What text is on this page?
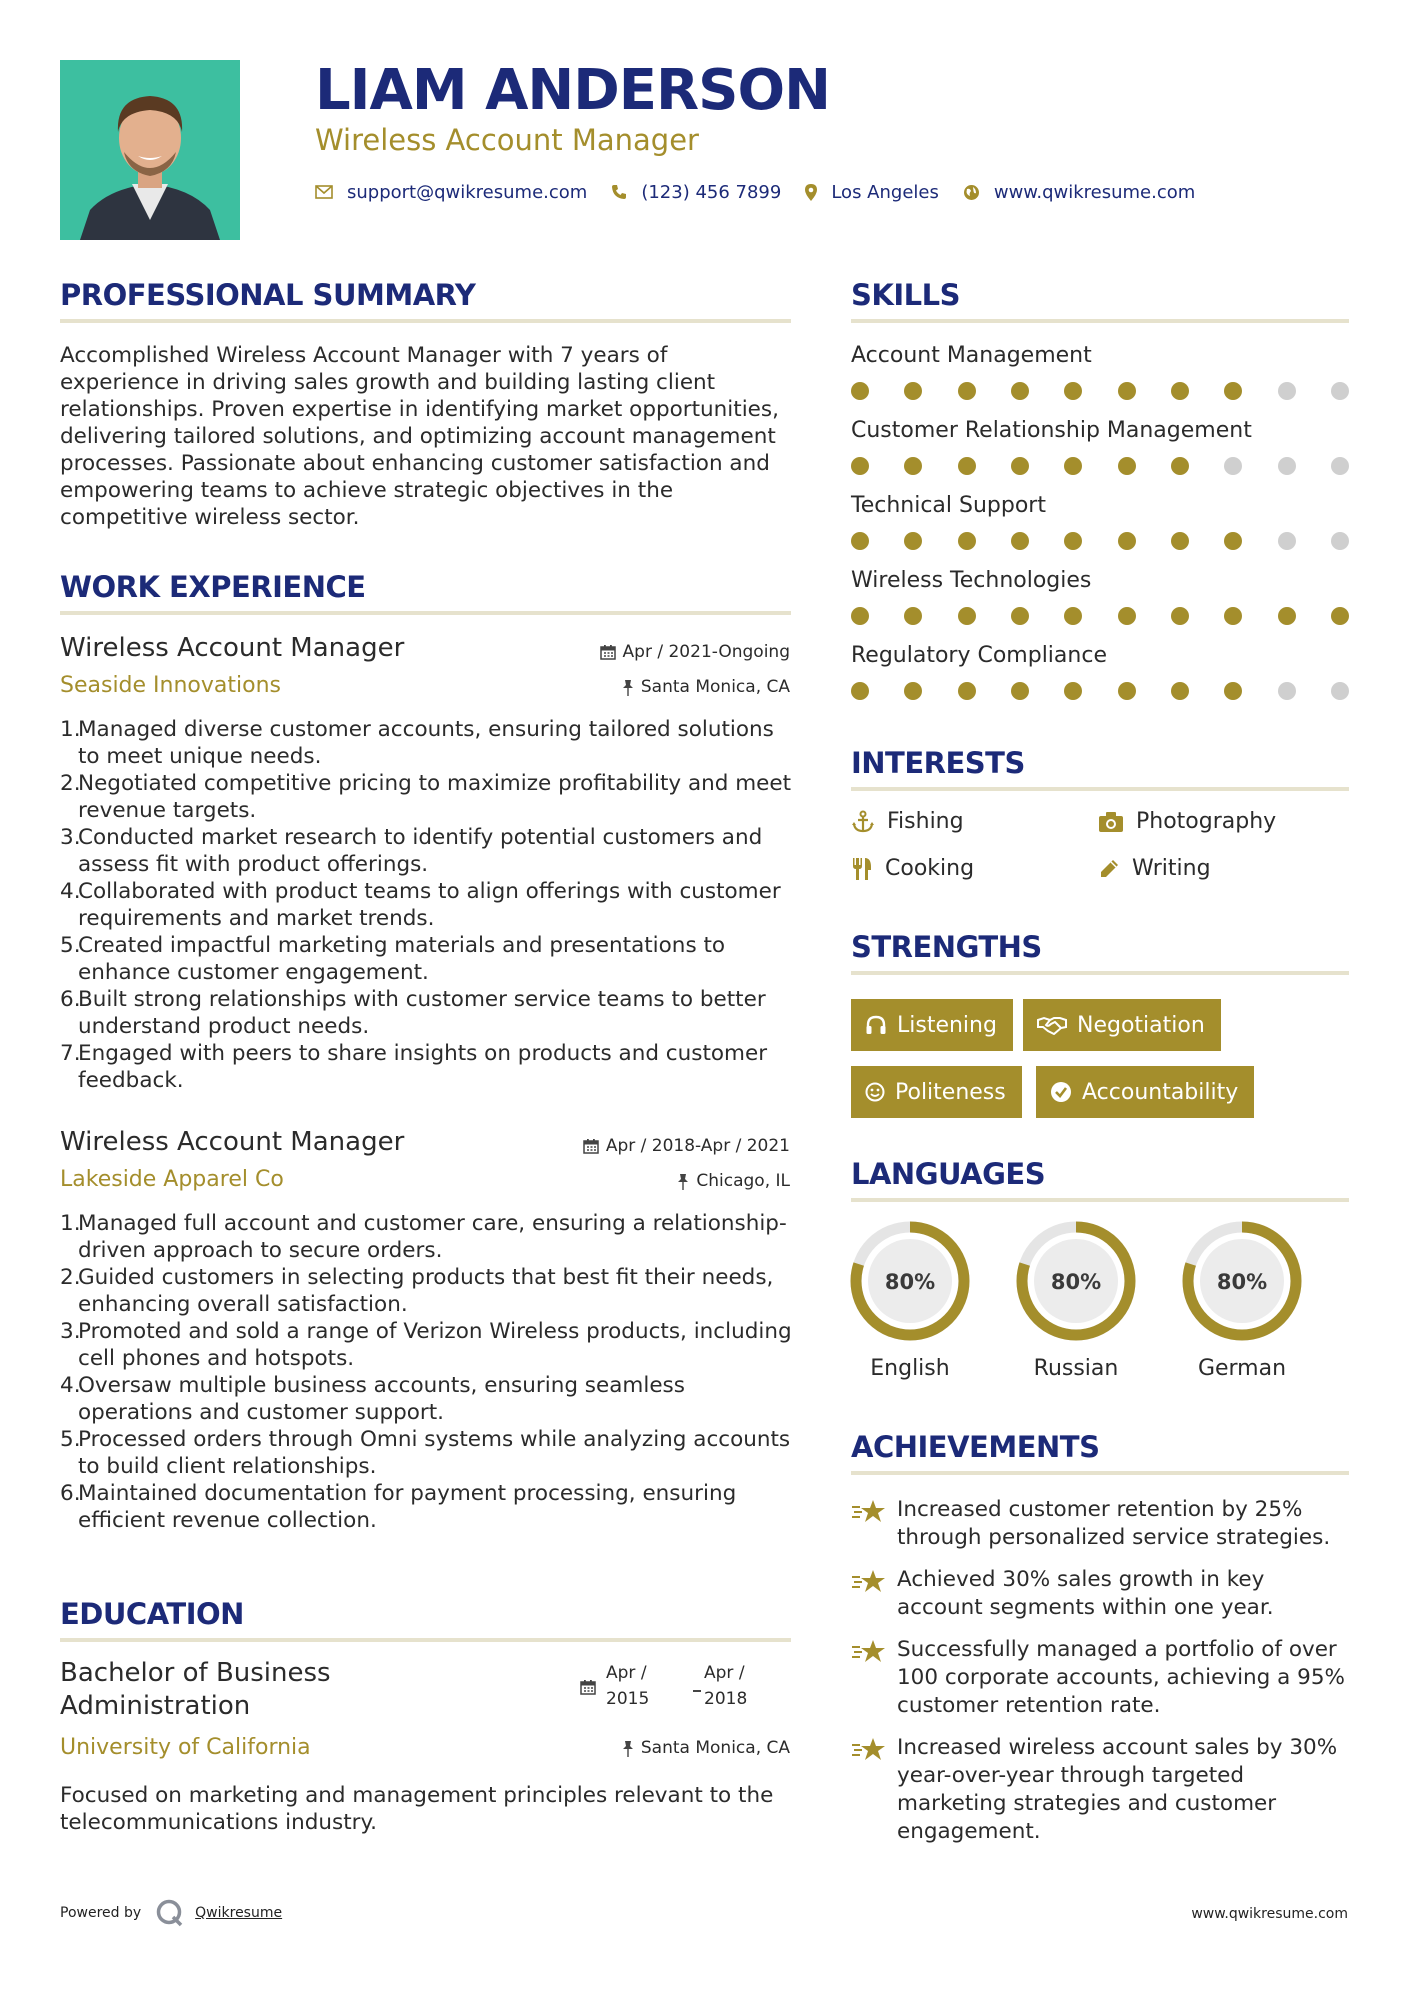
LIAM ANDERSON
Wireless Account Manager
support@qwikresume.com	(123) 456 7899	Los Angeles	www.qwikresume.com
PROFESSIONAL SUMMARY
Accomplished Wireless Account Manager with 7 years of experience in driving sales growth and building lasting client relationships. Proven expertise in identifying market opportunities, delivering tailored solutions, and optimizing account management processes. Passionate about enhancing customer satisfaction and empowering teams to achieve strategic objectives in the competitive wireless sector.
WORK EXPERIENCE
Wireless Account Manager	Apr / 2021-Ongoing
Seaside Innovations	Santa Monica, CA
Managed diverse customer accounts, ensuring tailored solutions to meet unique needs.
Negotiated competitive pricing to maximize profitability and meet revenue targets.
Conducted market research to identify potential customers and assess fit with product offerings.
Collaborated with product teams to align offerings with customer requirements and market trends.
Created impactful marketing materials and presentations to enhance customer engagement.
Built strong relationships with customer service teams to better understand product needs.
Engaged with peers to share insights on products and customer feedback.
Wireless Account Manager	Apr / 2018-Apr / 2021
Lakeside Apparel Co	Chicago, IL
Managed full account and customer care, ensuring a relationship-driven approach to secure orders.
Guided customers in selecting products that best fit their needs, enhancing overall satisfaction.
Promoted and sold a range of Verizon Wireless products, including cell phones and hotspots.
Oversaw multiple business accounts, ensuring seamless operations and customer support.
Processed orders through Omni systems while analyzing accounts to build client relationships.
Maintained documentation for payment processing, ensuring efficient revenue collection.
EDUCATION
Bachelor of Business Administration
Apr /
2015
Apr /
2018
University of California	Santa Monica, CA
Focused on marketing and management principles relevant to the telecommunications industry.
SKILLS
Account Management
Customer Relationship Management
Technical Support
Wireless Technologies
Regulatory Compliance
INTERESTS
Fishing	Photography
Cooking	Writing
STRENGTHS
Listening	Negotiation
Politeness	Accountability
LANGUAGES
80%
English
80%
Russian
80%
German
ACHIEVEMENTS
Increased customer retention by 25% through personalized service strategies.
Achieved 30% sales growth in key account segments within one year.
Successfully managed a portfolio of over 100 corporate accounts, achieving a 95% customer retention rate.
Increased wireless account sales by 30% year-over-year through targeted marketing strategies and customer engagement.
Powered by	Qwikresume	www.qwikresume.com
